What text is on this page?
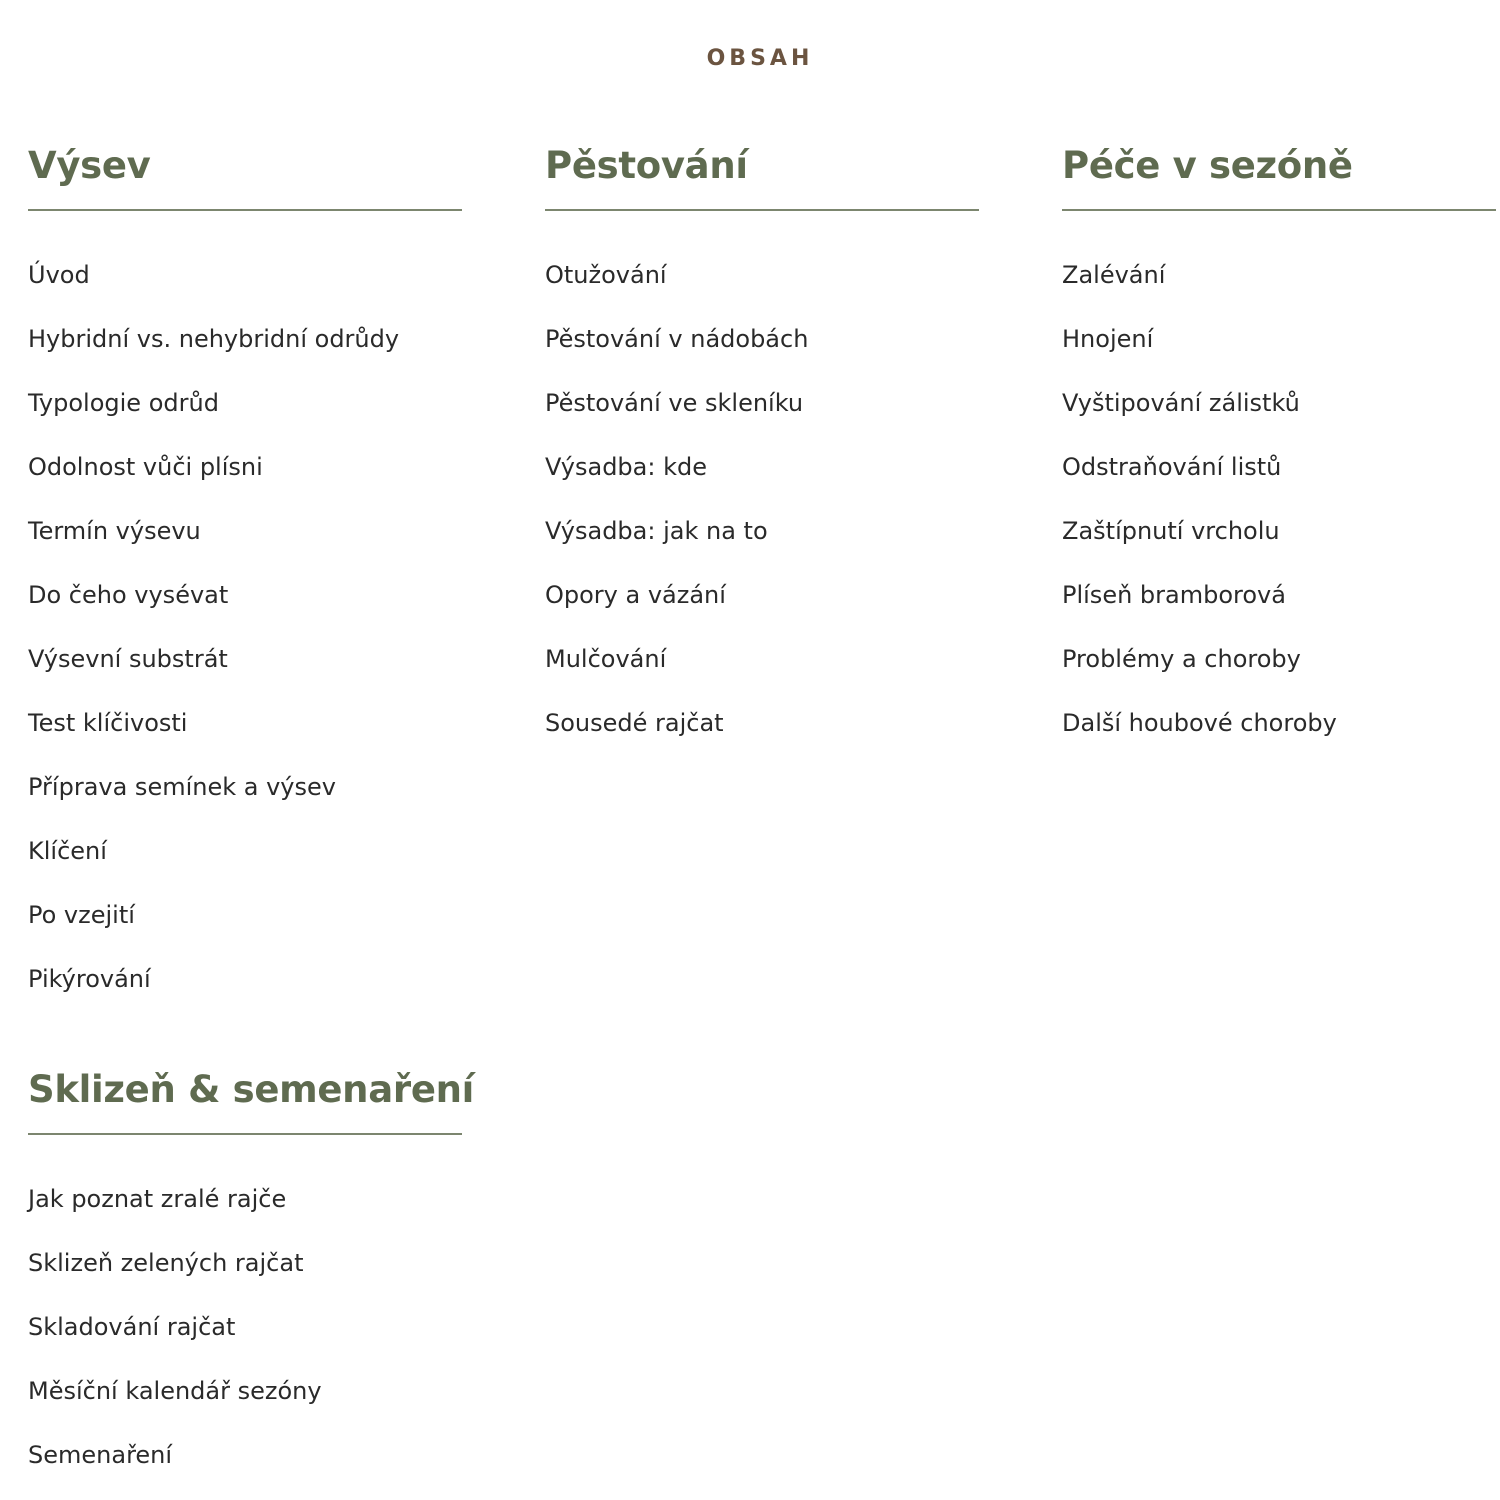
OBSAH
Výsev
Úvod
Hybridní vs. nehybridní odrůdy
Typologie odrůd
Odolnost vůči plísni
Termín výsevu
Do čeho vysévat
Výsevní substrát
Test klíčivosti
Příprava semínek a výsev
Klíčení
Po vzejití
Pikýrování
Pěstování
Otužování
Pěstování v nádobách
Pěstování ve skleníku
Výsadba: kde
Výsadba: jak na to
Opory a vázání
Mulčování
Sousedé rajčat
Péče v sezóně
Zalévání
Hnojení
Vyštipování zálistků
Odstraňování listů
Zaštípnutí vrcholu
Plíseň bramborová
Problémy a choroby
Další houbové choroby
Sklizeň & semenaření
Jak poznat zralé rajče
Sklizeň zelených rajčat
Skladování rajčat
Měsíční kalendář sezóny
Semenaření
